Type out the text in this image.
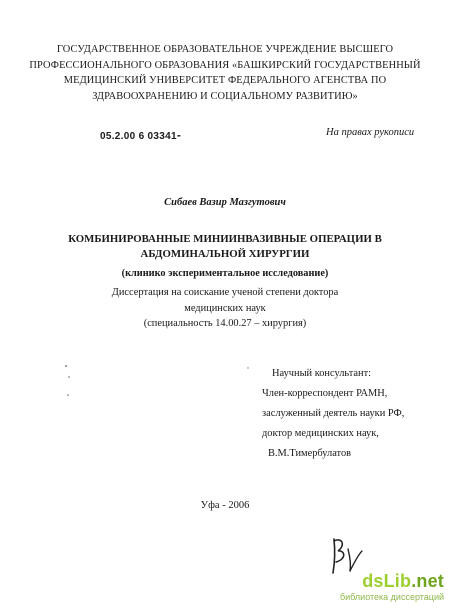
ГОСУДАРСТВЕННОЕ ОБРАЗОВАТЕЛЬНОЕ УЧРЕЖДЕНИЕ ВЫСШЕГО
ПРОФЕССИОНАЛЬНОГО ОБРАЗОВАНИЯ «БАШКИРСКИЙ ГОСУДАРСТВЕННЫЙ
МЕДИЦИНСКИЙ УНИВЕРСИТЕТ ФЕДЕРАЛЬНОГО АГЕНСТВА ПО
ЗДРАВООХРАНЕНИЮ И СОЦИАЛЬНОМУ РАЗВИТИЮ»
05.2.00 6 03341-	На правах рукописи
Сибаев Вазир Мазгутович
КОМБИНИРОВАННЫЕ МИНИИНВАЗИВНЫЕ ОПЕРАЦИИ В
АБДОМИНАЛЬНОЙ ХИРУРГИИ
(клинико экспериментальное исследование)
Диссертация на соискание ученой степени доктора
медицинских наук
(специальность 14.00.27 – хирургия)
Научный консультант:
Член-корреспондент РАМН,
заслуженный деятель науки РФ,
доктор медицинских наук,
В.М.Тимербулатов
Уфа - 2006
dsLib.net
библиотека диссертаций
